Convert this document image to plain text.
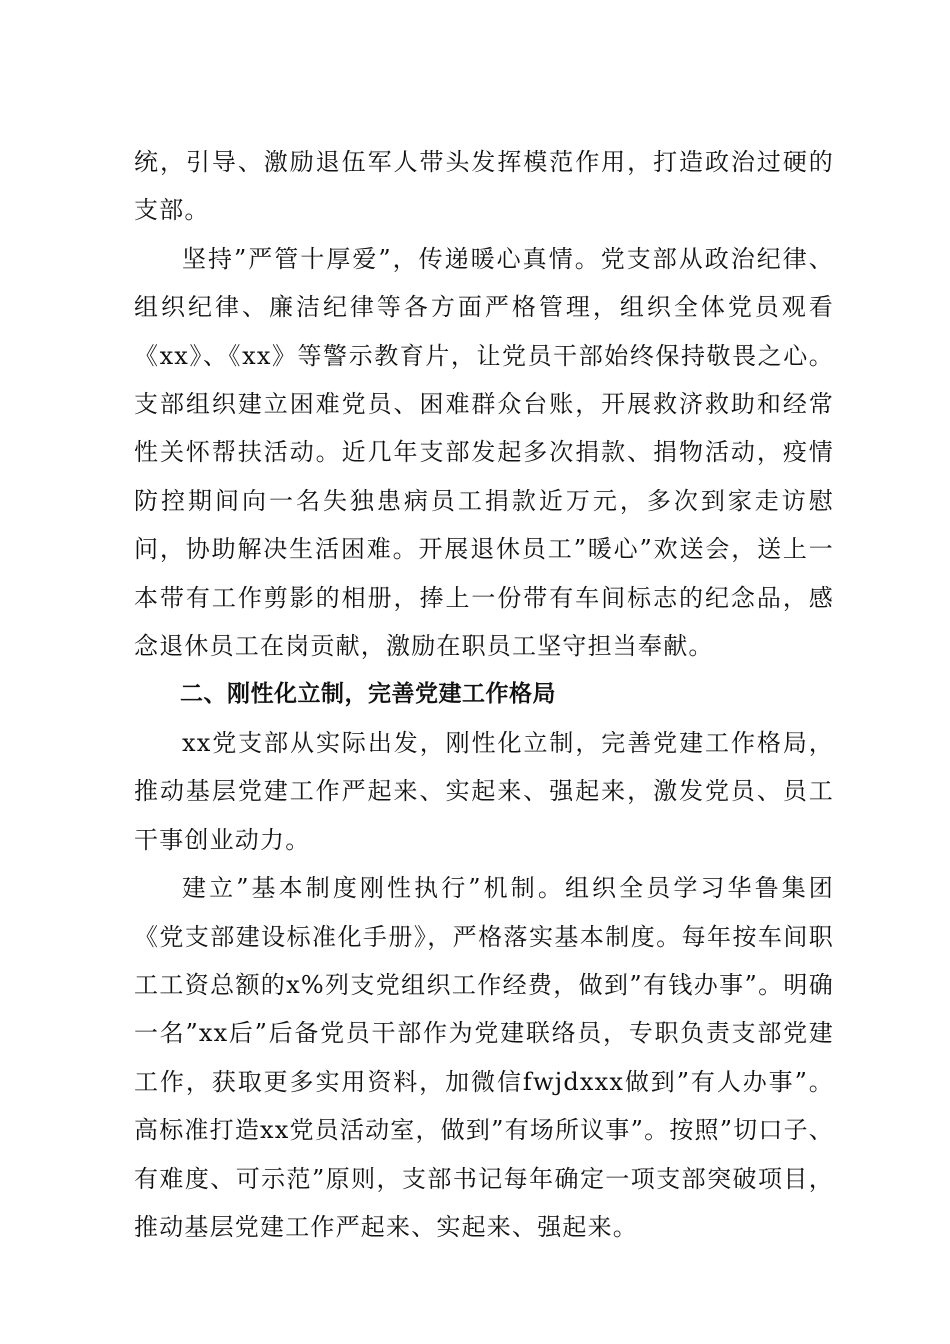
统，引导、激励退伍军人带头发挥模范作用，打造政治过硬的支部。

坚持”严管十厚爱”，传递暖心真情。党支部从政治纪律、组织纪律、廉洁纪律等各方面严格管理，组织全体党员观看《xx》、《xx》等警示教育片，让党员干部始终保持敬畏之心。支部组织建立困难党员、困难群众台账，开展救济救助和经常性关怀帮扶活动。近几年支部发起多次捐款、捐物活动，疫情防控期间向一名失独患病员工捐款近万元，多次到家走访慰问，协助解决生活困难。开展退休员工”暖心”欢送会，送上一本带有工作剪影的相册，捧上一份带有车间标志的纪念品，感念退休员工在岗贡献，激励在职员工坚守担当奉献。

二、刚性化立制，完善党建工作格局

xx党支部从实际出发，刚性化立制，完善党建工作格局，推动基层党建工作严起来、实起来、强起来，激发党员、员工干事创业动力。

建立”基本制度刚性执行”机制。组织全员学习华鲁集团《党支部建设标准化手册》，严格落实基本制度。每年按车间职工工资总额的x%列支党组织工作经费，做到”有钱办事”。明确一名”xx后”后备党员干部作为党建联络员，专职负责支部党建工作，获取更多实用资料，加微信fwjdxxx做到”有人办事”。高标准打造xx党员活动室，做到”有场所议事”。按照”切口子、有难度、可示范”原则，支部书记每年确定一项支部突破项目，推动基层党建工作严起来、实起来、强起来。
